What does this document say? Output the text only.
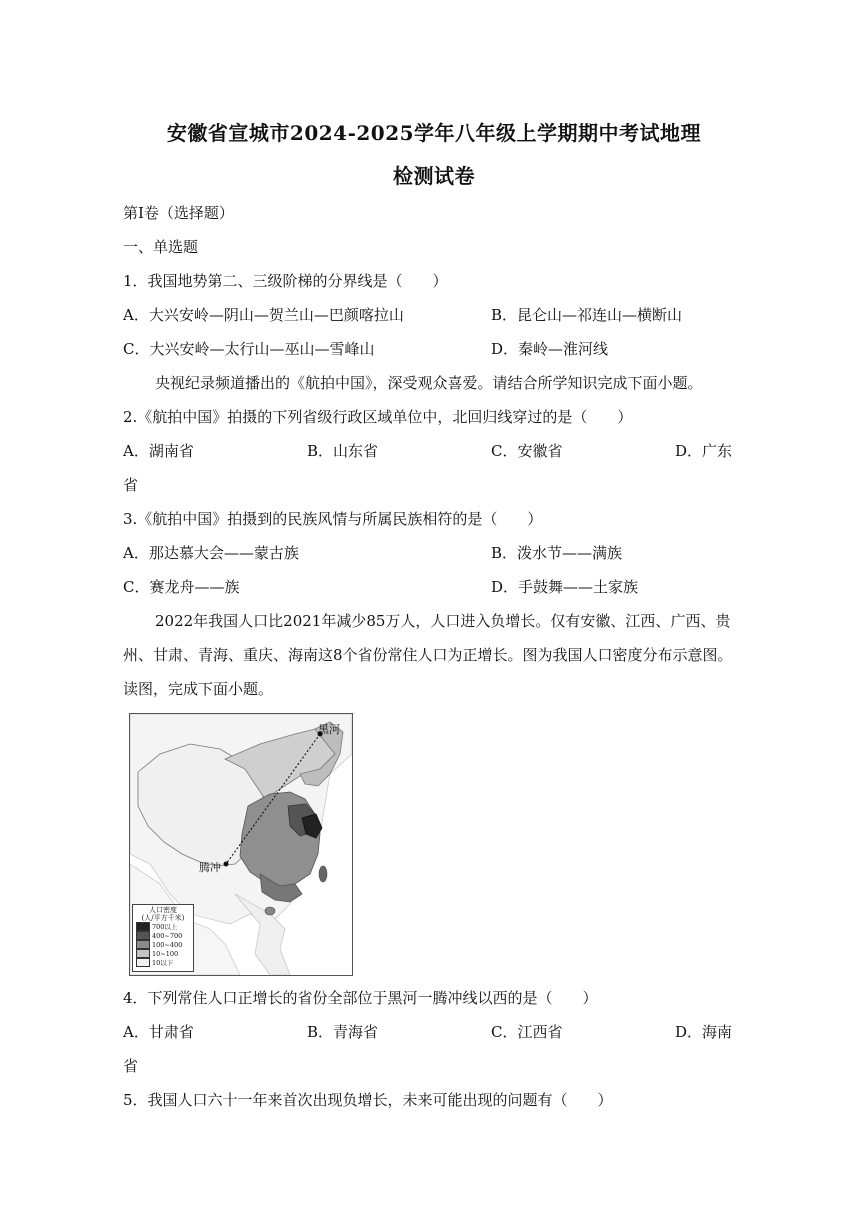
安徽省宣城市2024-2025学年八年级上学期期中考试地理
检测试卷
第Ⅰ卷（选择题）
一、单选题
1．我国地势第二、三级阶梯的分界线是（　　）
A．大兴安岭—阴山—贺兰山—巴颜喀拉山	B．昆仑山—祁连山—横断山
C．大兴安岭—太行山—巫山—雪峰山	D．秦岭—淮河线
央视纪录频道播出的《航拍中国》，深受观众喜爱。请结合所学知识完成下面小题。
2.《航拍中国》拍摄的下列省级行政区域单位中，北回归线穿过的是（　　）
A．湖南省	B．山东省	C．安徽省	D．广东
省
3.《航拍中国》拍摄到的民族风情与所属民族相符的是（　　）
A．那达慕大会——蒙古族	B．泼水节——满族
C．赛龙舟——族	D．手鼓舞——土家族
2022年我国人口比2021年减少85万人，人口进入负增长。仅有安徽、江西、广西、贵
州、甘肃、青海、重庆、海南这8个省份常住人口为正增长。图为我国人口密度分布示意图。
读图，完成下面小题。
黑河
腾冲
人口密度
(人/平方千米)
700以上
400~700
100~400
10~100
10以下
4．下列常住人口正增长的省份全部位于黑河一腾冲线以西的是（　　）
A．甘肃省	B．青海省	C．江西省	D．海南
省
5．我国人口六十一年来首次出现负增长，未来可能出现的问题有（　　）
